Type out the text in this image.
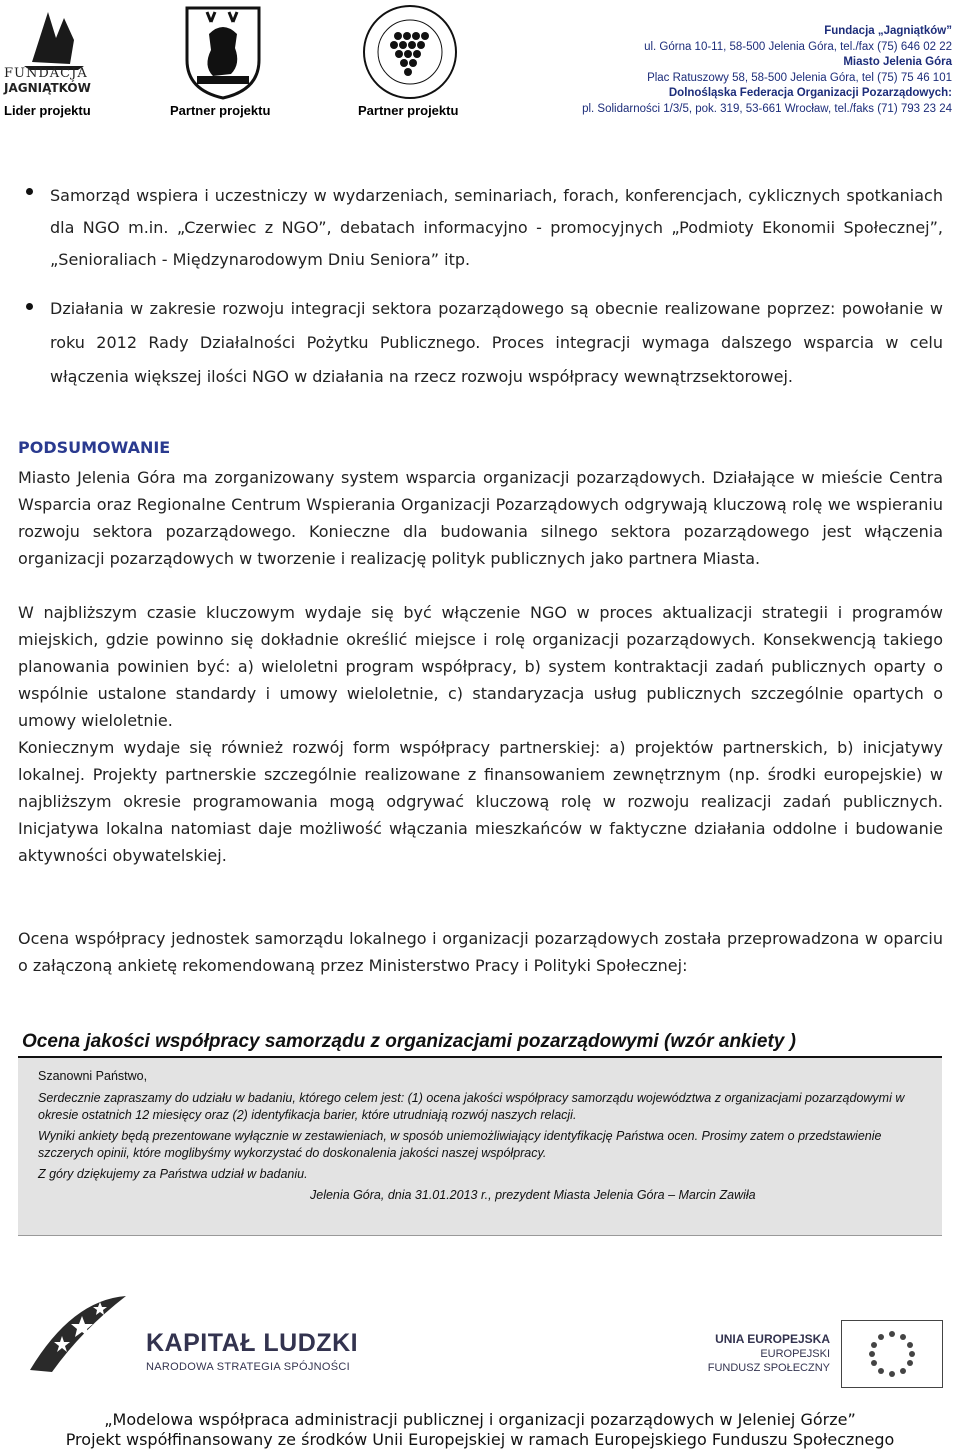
FUNDACJA
JAGNIĄTKÓW
Lider projektu	Partner projektu	Partner projektu
Fundacja „Jagniątków”
ul. Górna 10-11, 58-500 Jelenia Góra, tel./fax (75) 646 02 22
Miasto Jelenia Góra
Plac Ratuszowy 58, 58-500 Jelenia Góra, tel (75) 75 46 101
Dolnośląska Federacja Organizacji Pozarządowych:
pl. Solidarności 1/3/5, pok. 319, 53-661 Wrocław, tel./faks (71) 793 23 24
Samorząd wspiera i uczestniczy w wydarzeniach, seminariach, forach, konferencjach, cyklicznych spotkaniach dla NGO m.in. „Czerwiec z NGO”, debatach informacyjno - promocyjnych „Podmioty Ekonomii Społecznej”, „Senioraliach - Międzynarodowym Dniu Seniora” itp.
Działania w zakresie rozwoju integracji sektora pozarządowego są obecnie realizowane poprzez: powołanie w roku 2012 Rady Działalności Pożytku Publicznego. Proces integracji wymaga dalszego wsparcia w celu włączenia większej ilości NGO w działania na rzecz rozwoju współpracy wewnątrzsektorowej.
PODSUMOWANIE
Miasto Jelenia Góra ma zorganizowany system wsparcia organizacji pozarządowych. Działające w mieście Centra Wsparcia oraz Regionalne Centrum Wspierania Organizacji Pozarządowych odgrywają kluczową rolę we wspieraniu rozwoju sektora pozarządowego. Konieczne dla budowania silnego sektora pozarządowego jest włączenia organizacji pozarządowych w tworzenie i realizację polityk publicznych jako partnera Miasta.
W najbliższym czasie kluczowym wydaje się być włączenie NGO w proces aktualizacji strategii i programów miejskich, gdzie powinno się dokładnie określić miejsce i rolę organizacji pozarządowych. Konsekwencją takiego planowania powinien być: a) wieloletni program współpracy, b) system kontraktacji zadań publicznych oparty o wspólnie ustalone standardy i umowy wieloletnie, c) standaryzacja usług publicznych szczególnie opartych o umowy wieloletnie.
Koniecznym wydaje się również rozwój form współpracy partnerskiej: a) projektów partnerskich, b) inicjatywy lokalnej. Projekty partnerskie szczególnie realizowane z finansowaniem zewnętrznym (np. środki europejskie) w najbliższym okresie programowania mogą odgrywać kluczową rolę w rozwoju realizacji zadań publicznych. Inicjatywa lokalna natomiast daje możliwość włączania mieszkańców w faktyczne działania oddolne i budowanie aktywności obywatelskiej.
Ocena współpracy jednostek samorządu lokalnego i organizacji pozarządowych została przeprowadzona w oparciu o załączoną ankietę rekomendowaną przez Ministerstwo Pracy i Polityki Społecznej:
Ocena jakości współpracy samorządu z organizacjami pozarządowymi (wzór ankiety )
Szanowni Państwo,
Serdecznie zapraszamy do udziału w badaniu, którego celem jest: (1) ocena jakości współpracy samorządu województwa z organizacjami pozarządowymi w okresie ostatnich 12 miesięcy oraz (2) identyfikacja barier, które utrudniają rozwój naszych relacji.
Wyniki ankiety będą prezentowane wyłącznie w zestawieniach, w sposób uniemożliwiający identyfikację Państwa ocen. Prosimy zatem o przedstawienie szczerych opinii, które moglibyśmy wykorzystać do doskonalenia jakości naszej współpracy.
Z góry dziękujemy za Państwa udział w badaniu.
Jelenia Góra, dnia 31.01.2013 r., prezydent Miasta Jelenia Góra – Marcin Zawiła
KAPITAŁ LUDZKI
NARODOWA STRATEGIA SPÓJNOŚCI
UNIA EUROPEJSKA
EUROPEJSKI
FUNDUSZ SPOŁECZNY
„Modelowa współpraca administracji publicznej i organizacji pozarządowych w Jeleniej Górze”
Projekt współfinansowany ze środków Unii Europejskiej w ramach Europejskiego Funduszu Społecznego
